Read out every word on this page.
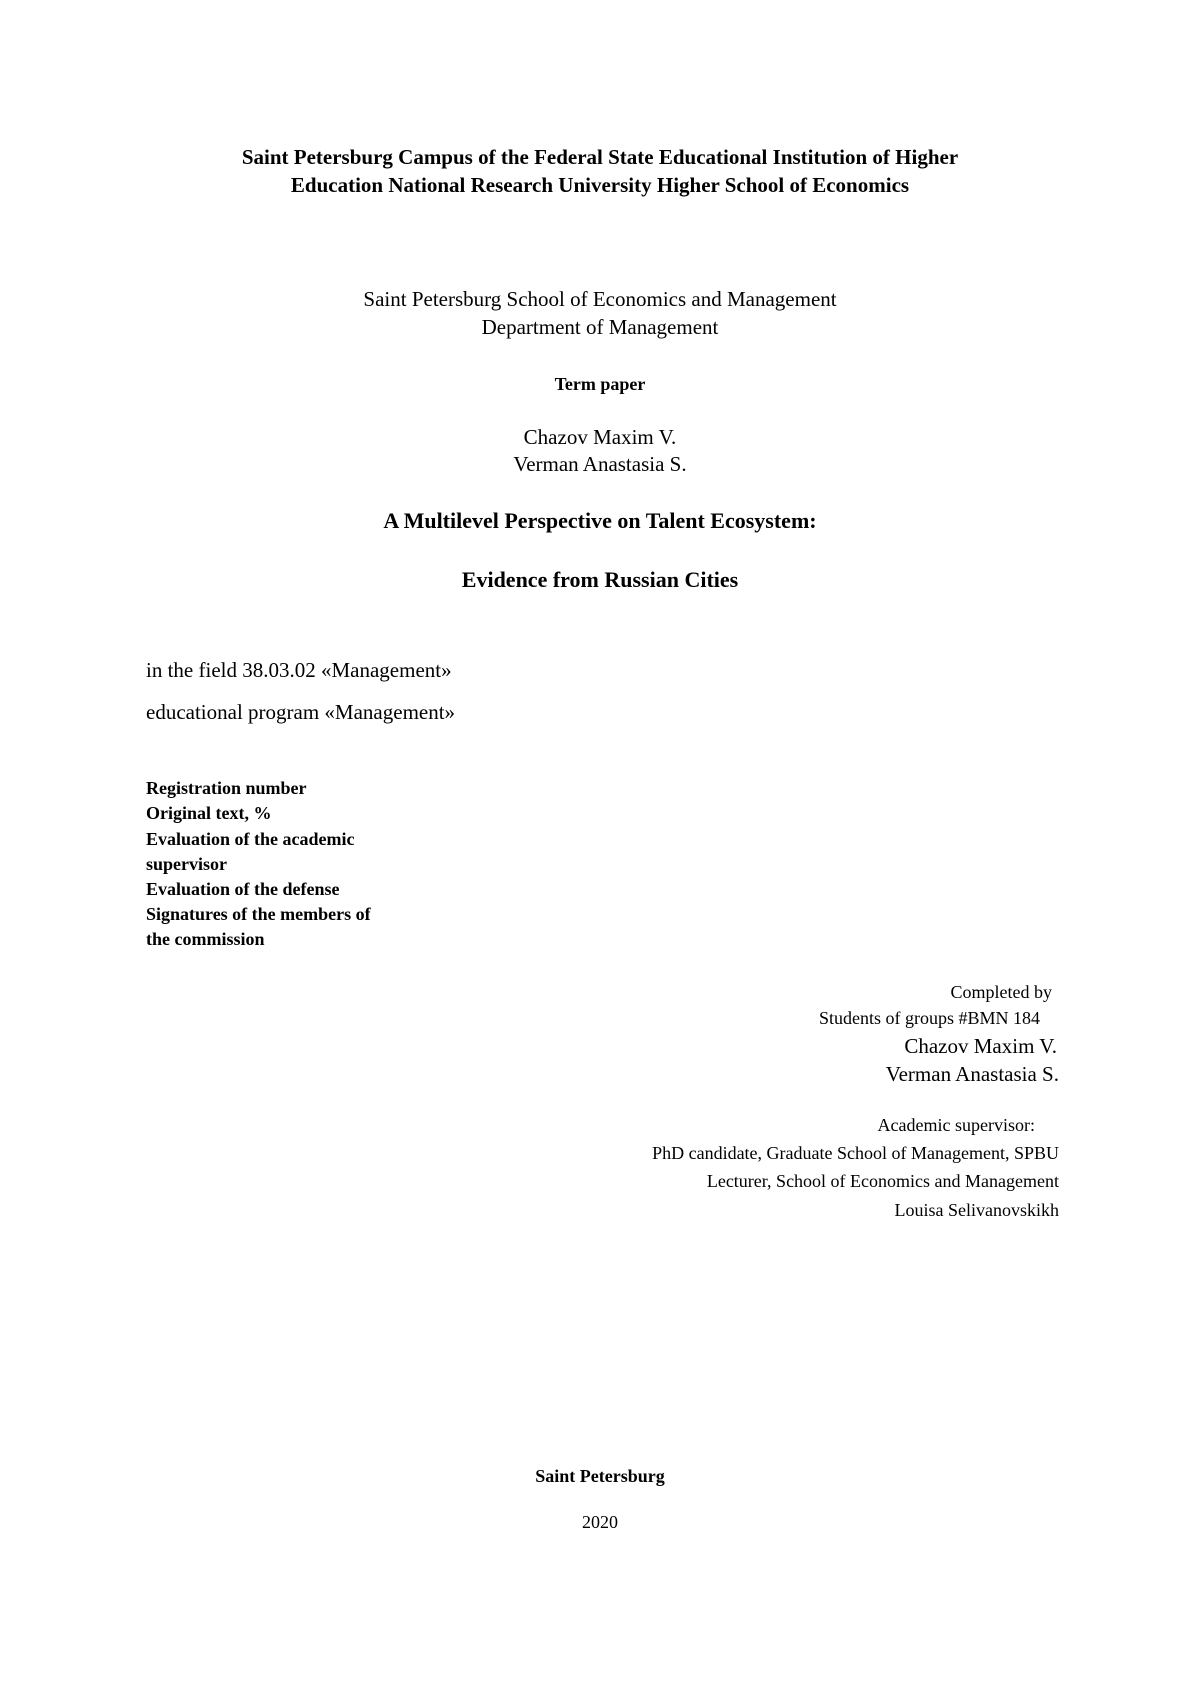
Saint Petersburg Campus of the Federal State Educational Institution of Higher
Education National Research University Higher School of Economics
Saint Petersburg School of Economics and Management
Department of Management
Term paper
Chazov Maxim V.
Verman Anastasia S.
A Multilevel Perspective on Talent Ecosystem:
Evidence from Russian Cities
in the field 38.03.02 «Management»
educational program «Management»
Registration number
Original text, %
Evaluation of the academic
supervisor
Evaluation of the defense
Signatures of the members of
the commission
Completed by
Students of groups #BMN 184
Chazov Maxim V.
Verman Anastasia S.
Academic supervisor:
PhD candidate, Graduate School of Management, SPBU
Lecturer, School of Economics and Management
Louisa Selivanovskikh
Saint Petersburg
2020
